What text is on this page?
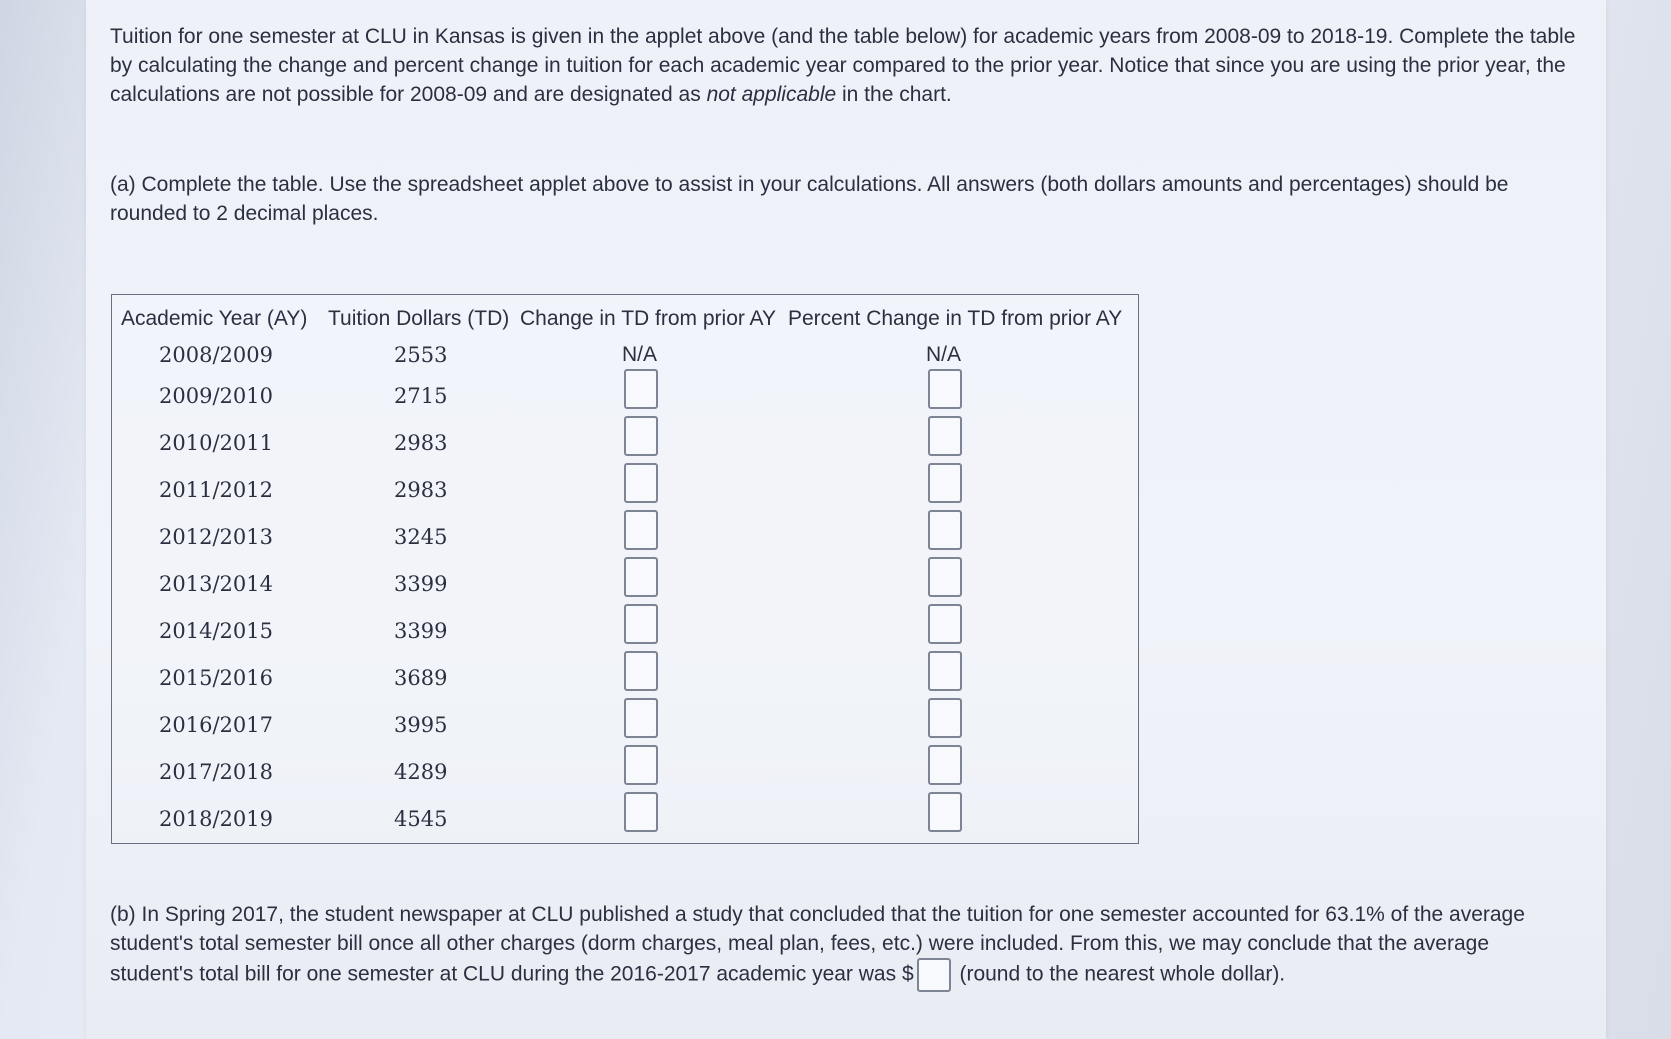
Tuition for one semester at CLU in Kansas is given in the applet above (and the table below) for academic years from 2008-09 to 2018-19. Complete the table by calculating the change and percent change in tuition for each academic year compared to the prior year. Notice that since you are using the prior year, the calculations are not possible for 2008-09 and are designated as not applicable in the chart.

(a) Complete the table. Use the spreadsheet applet above to assist in your calculations. All answers (both dollars amounts and percentages) should be rounded to 2 decimal places.

Academic Year (AY) Tuition Dollars (TD) Change in TD from prior AY Percent Change in TD from prior AY
2008/2009	2553	N/A	N/A
2009/2010	2715
2010/2011	2983
2011/2012	2983
2012/2013	3245
2013/2014	3399
2014/2015	3399
2015/2016	3689
2016/2017	3995
2017/2018	4289
2018/2019	4545

(b) In Spring 2017, the student newspaper at CLU published a study that concluded that the tuition for one semester accounted for 63.1% of the average student's total semester bill once all other charges (dorm charges, meal plan, fees, etc.) were included. From this, we may conclude that the average student's total bill for one semester at CLU during the 2016-2017 academic year was $ (round to the nearest whole dollar).
